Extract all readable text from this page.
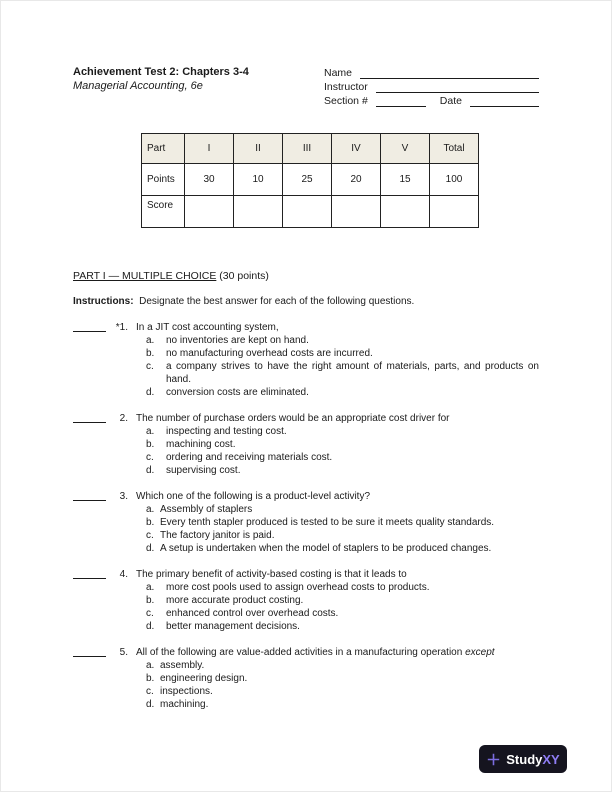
Achievement Test 2: Chapters 3-4
Managerial Accounting, 6e
Name
Instructor
Section #	Date
Part	I	II	III	IV	V	Total
Points	30	10	25	20	15	100
Score						
PART I — MULTIPLE CHOICE (30 points)
Instructions: Designate the best answer for each of the following questions.
*1. In a JIT cost accounting system,
a.	no inventories are kept on hand.
b.	no manufacturing overhead costs are incurred.
c.	a company strives to have the right amount of materials, parts, and products on hand.
d.	conversion costs are eliminated.
2. The number of purchase orders would be an appropriate cost driver for
a.	inspecting and testing cost.
b.	machining cost.
c.	ordering and receiving materials cost.
d.	supervising cost.
3. Which one of the following is a product-level activity?
a. Assembly of staplers
b. Every tenth stapler produced is tested to be sure it meets quality standards.
c. The factory janitor is paid.
d. A setup is undertaken when the model of staplers to be produced changes.
4. The primary benefit of activity-based costing is that it leads to
a.	more cost pools used to assign overhead costs to products.
b.	more accurate product costing.
c.	enhanced control over overhead costs.
d.	better management decisions.
5. All of the following are value-added activities in a manufacturing operation except
a. assembly.
b. engineering design.
c. inspections.
d. machining.
StudyXY
